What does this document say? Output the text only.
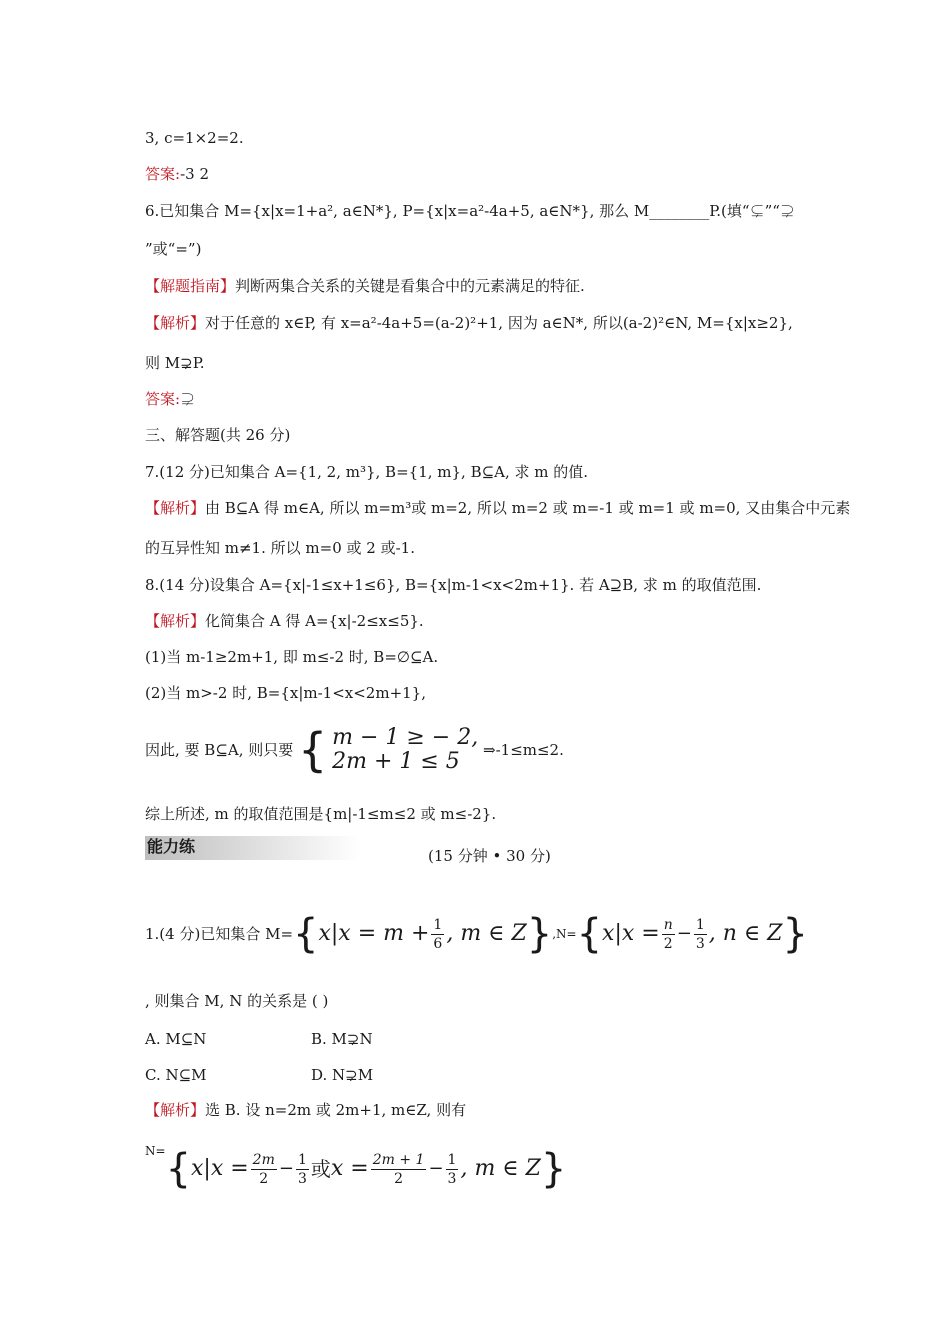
3, c=1×2=2.
答案:-3 2
6.已知集合 M={x|x=1+a², a∈N*}, P={x|x=a²-4a+5, a∈N*}, 那么 M________P.(填“⊊”“⊋
”或“=”)
【解题指南】判断两集合关系的关键是看集合中的元素满足的特征.
【解析】对于任意的 x∈P, 有 x=a²-4a+5=(a-2)²+1, 因为 a∈N*, 所以(a-2)²∈N, M={x|x≥2},
则 M⊋P.
答案:⊋
三、解答题(共 26 分)
7.(12 分)已知集合 A={1, 2, m³}, B={1, m}, B⊆A, 求 m 的值.
【解析】由 B⊆A 得 m∈A, 所以 m=m³或 m=2, 所以 m=2 或 m=-1 或 m=1 或 m=0, 又由集合中元素
的互异性知 m≠1. 所以 m=0 或 2 或-1.
8.(14 分)设集合 A={x|-1≤x+1≤6}, B={x|m-1<x<2m+1}. 若 A⊇B, 求 m 的取值范围.
【解析】化简集合 A 得 A={x|-2≤x≤5}.
(1)当 m-1≥2m+1, 即 m≤-2 时, B=∅⊆A.
(2)当 m>-2 时, B={x|m-1<x<2m+1},
因此, 要 B⊆A, 则只要 { m − 1 ≥ − 2,
2m + 1 ≤ 5	⇒-1≤m≤2.
综上所述, m 的取值范围是{m|-1≤m≤2 或 m≤-2}.
能力练	(15 分钟 • 30 分)
1.(4 分)已知集合 $M=\{x|x = m + \frac{1}{6}$ , m ∈ $Z\},N=\{x|x = \frac{n}{2} - \frac{1}{3}$ , n ∈ Z}
, 则集合 M, N 的关系是 ( )
A. M⊆N	B. M⊋N
C. N⊆M	D. N⊋M
【解析】选 B. 设 n=2m 或 2m+1, m∈Z, 则有
$^{N=}\{x|x = \frac{2m}{2} - \frac{1}{3}$ 或$x = \frac{2m + 1}{2} - \frac{1}{3}$ , m ∈ Z}
